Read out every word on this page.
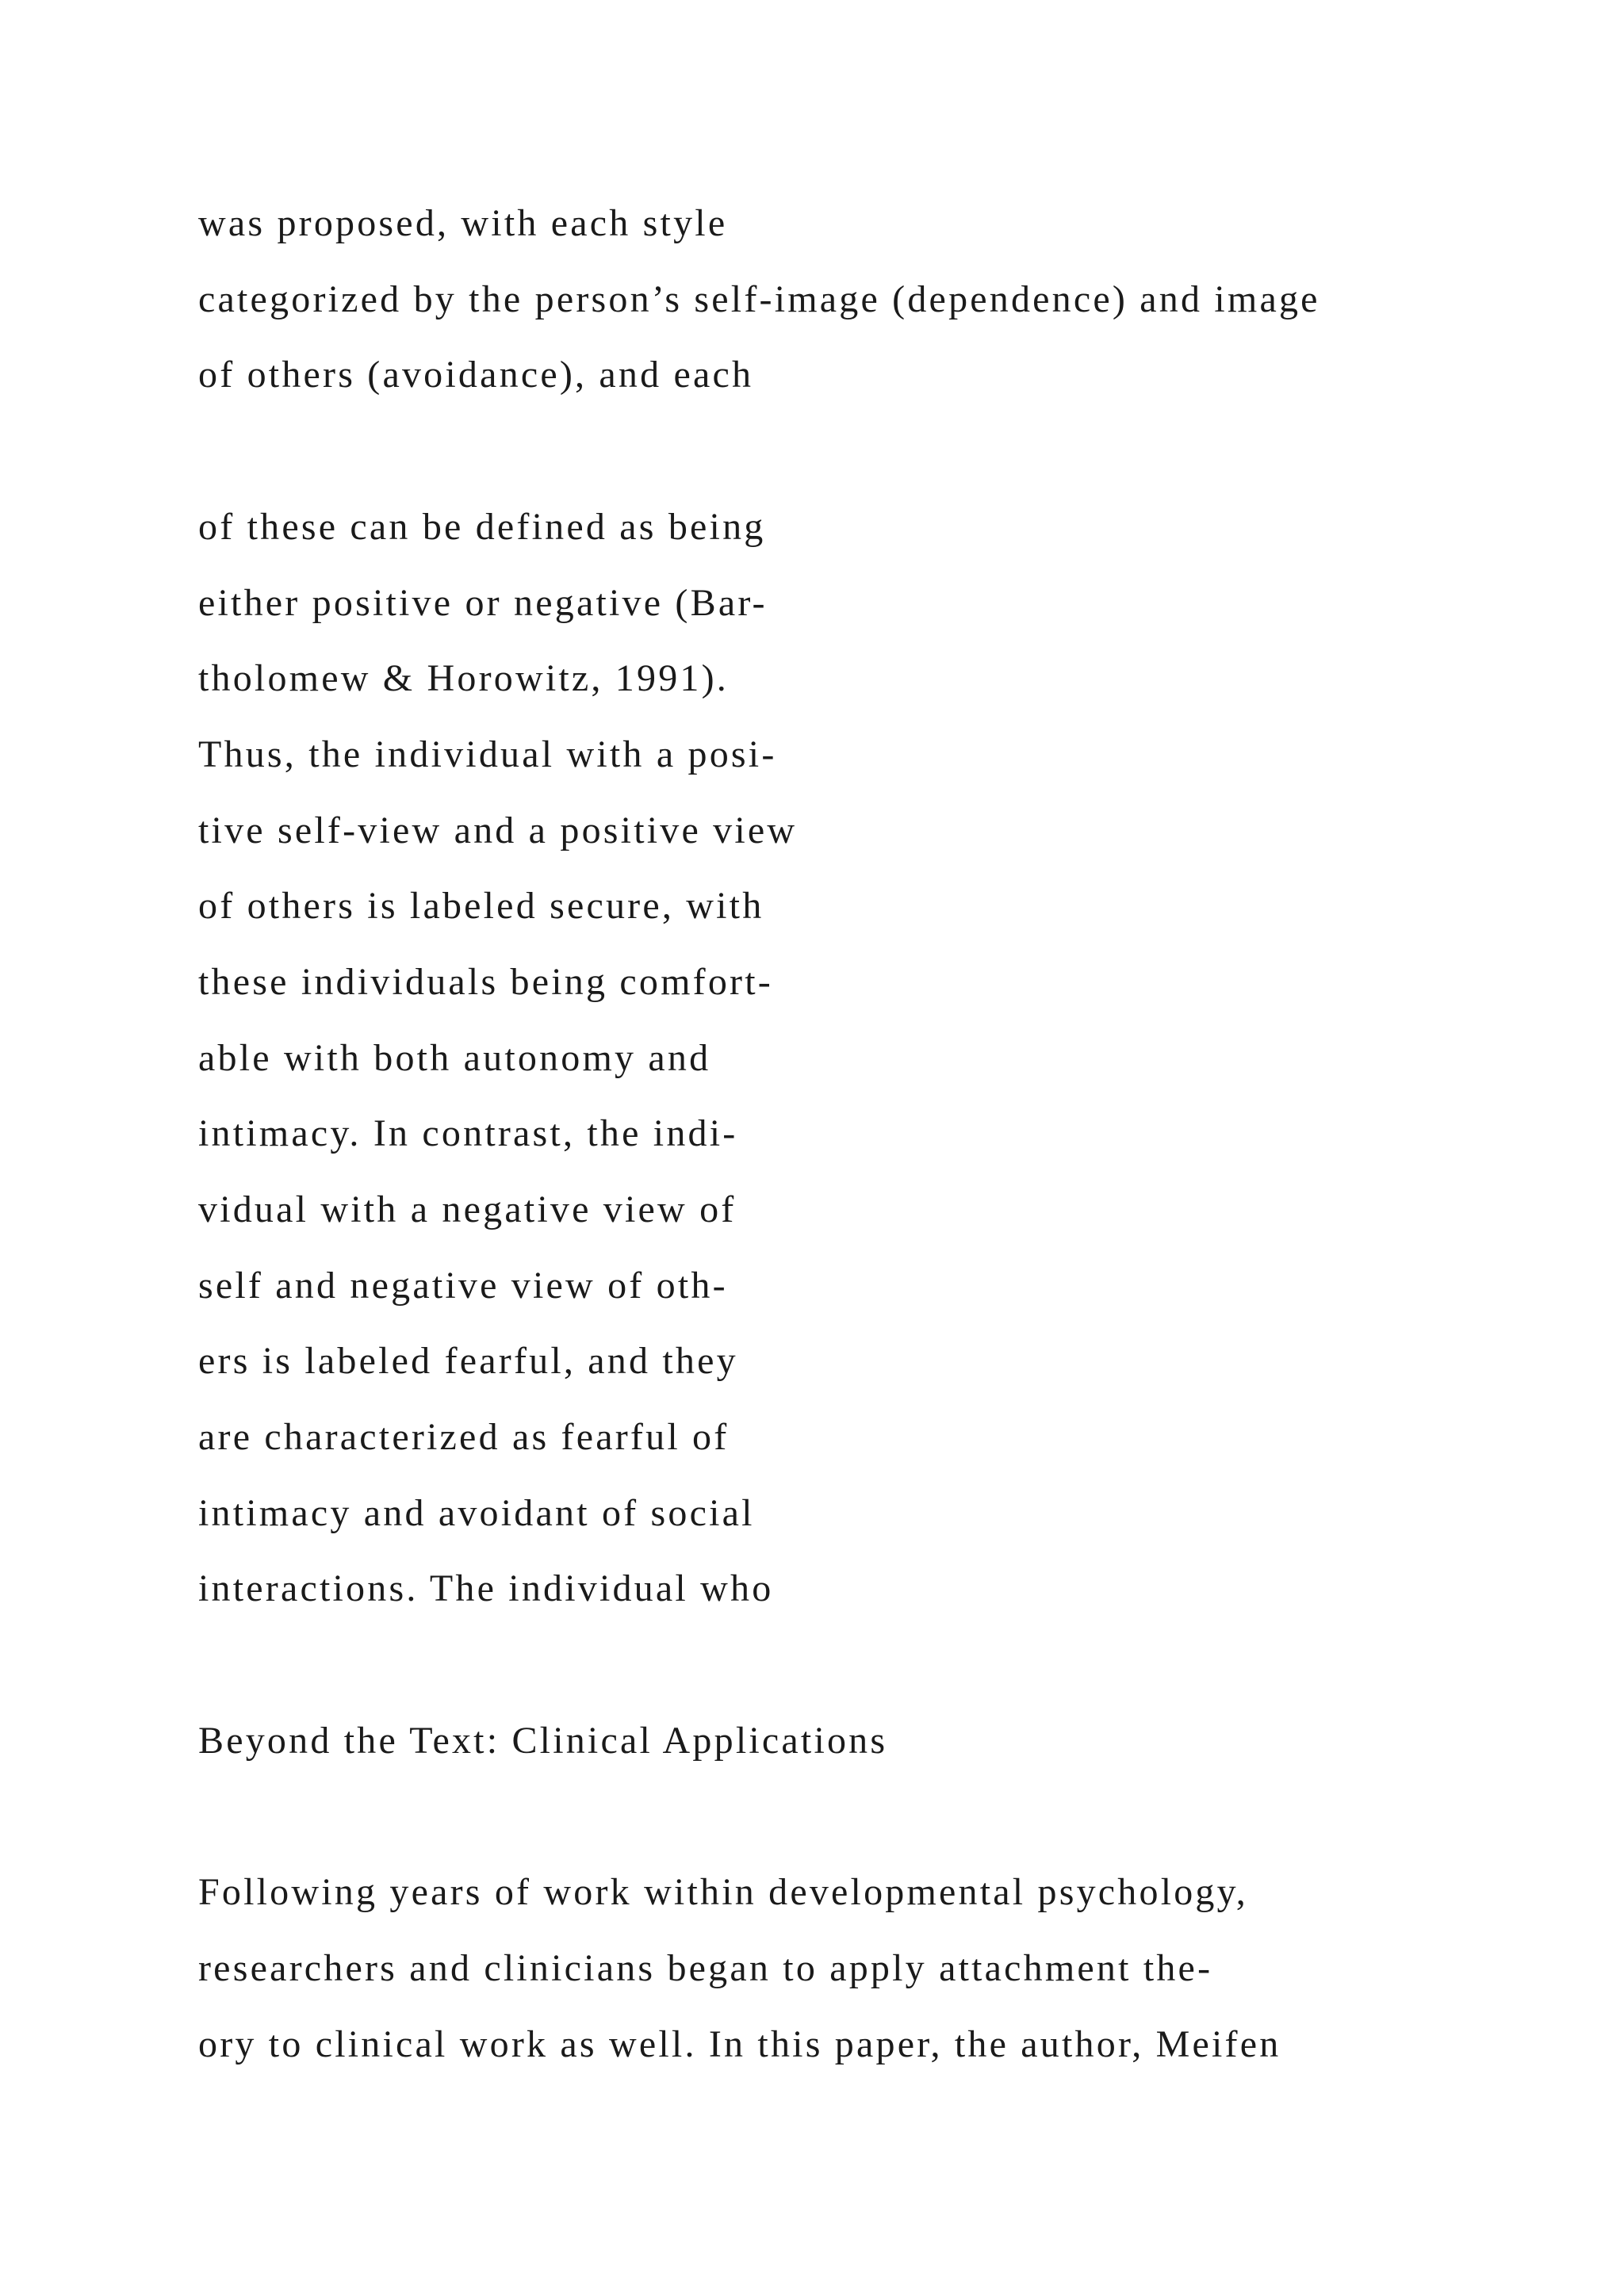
was proposed, with each style

categorized by the person’s self-image (dependence) and image

of others (avoidance), and each

of these can be defined as being

either positive or negative (Bar-

tholomew & Horowitz, 1991).

Thus, the individual with a posi-

tive self-view and a positive view

of others is labeled secure, with

these individuals being comfort-

able with both autonomy and

intimacy. In contrast, the indi-

vidual with a negative view of

self and negative view of oth-

ers is labeled fearful, and they

are characterized as fearful of

intimacy and avoidant of social

interactions. The individual who

Beyond the Text: Clinical Applications

Following years of work within developmental psychology,

researchers and clinicians began to apply attachment the-

ory to clinical work as well. In this paper, the author, Meifen
